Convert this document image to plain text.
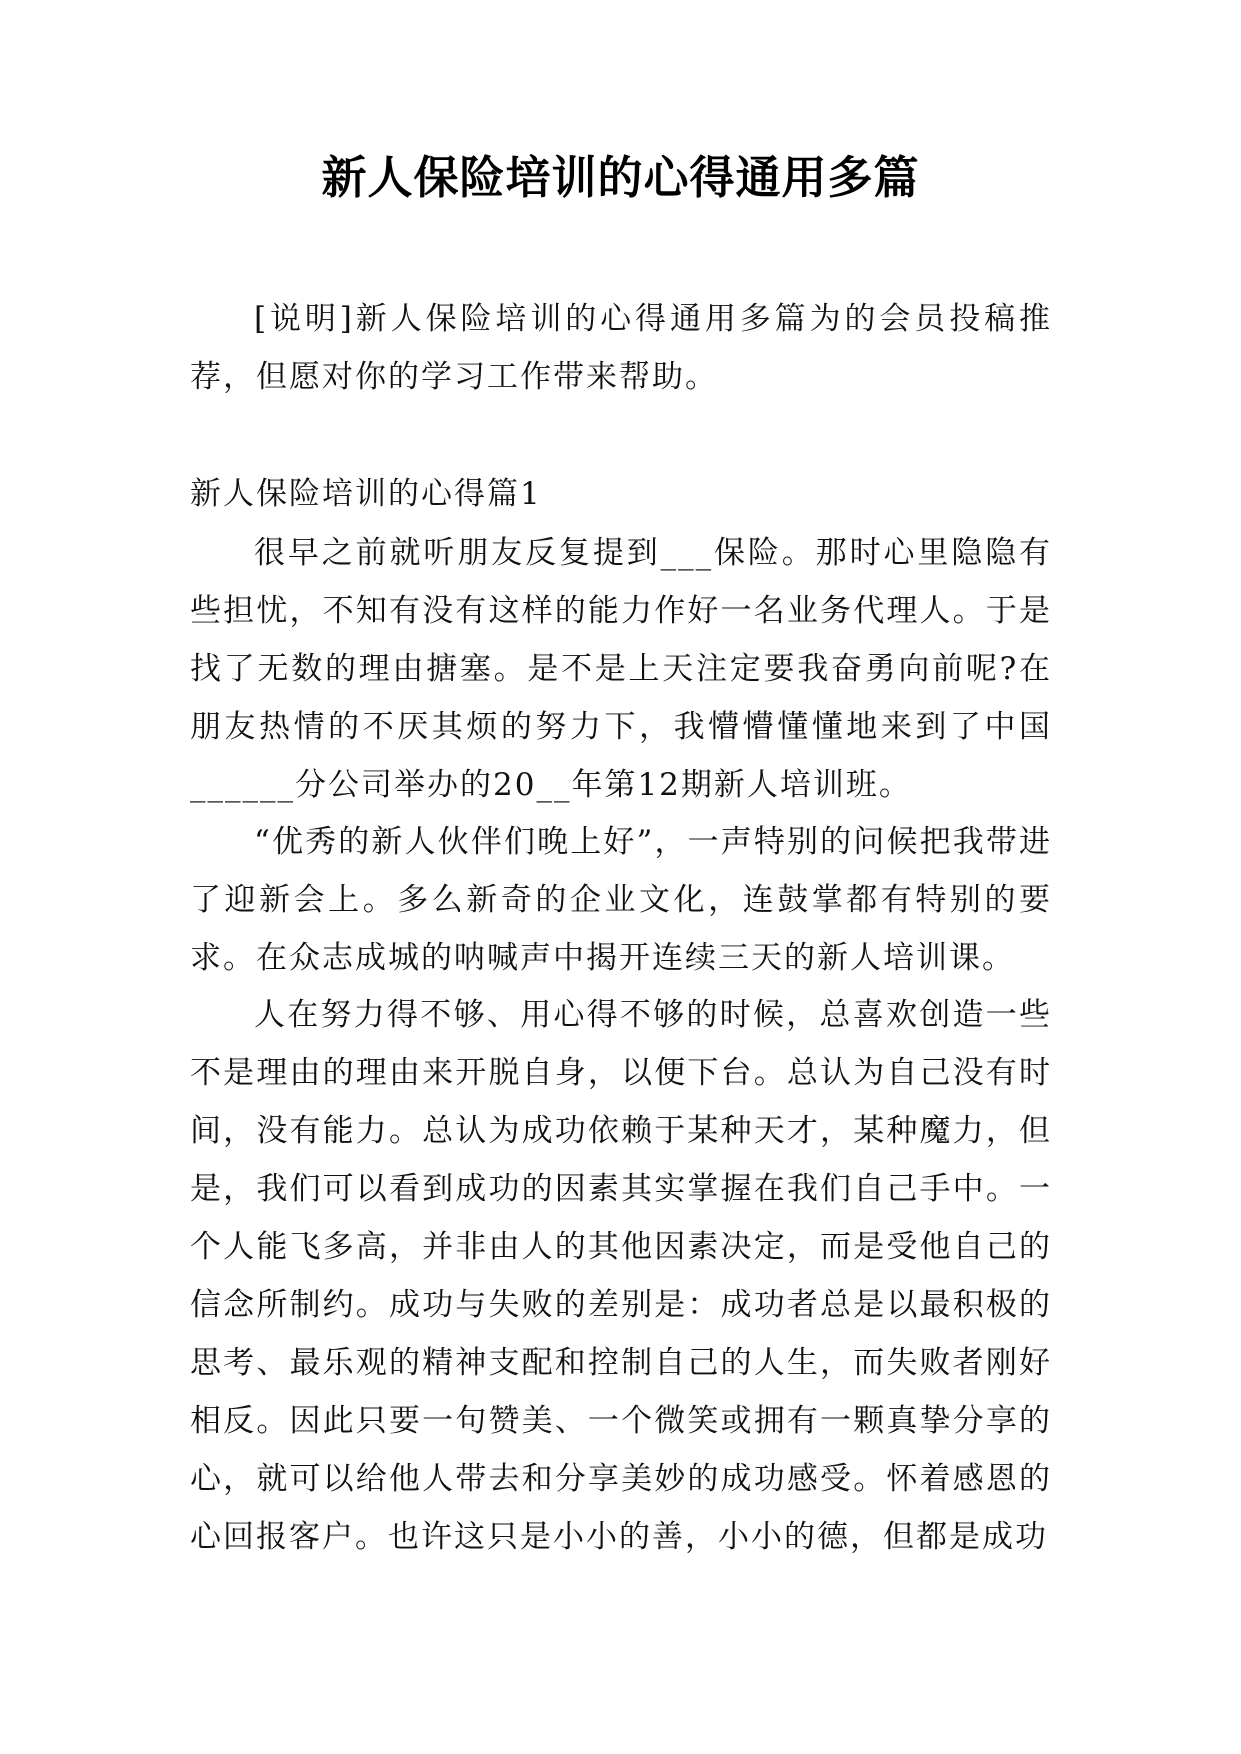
新人保险培训的心得通用多篇

[说明]新人保险培训的心得通用多篇为的会员投稿推荐，但愿对你的学习工作带来帮助。

新人保险培训的心得篇1

很早之前就听朋友反复提到___保险。那时心里隐隐有些担忧，不知有没有这样的能力作好一名业务代理人。于是找了无数的理由搪塞。是不是上天注定要我奋勇向前呢?在朋友热情的不厌其烦的努力下，我懵懵懂懂地来到了中国______分公司举办的20__年第12期新人培训班。

“优秀的新人伙伴们晚上好”，一声特别的问候把我带进了迎新会上。多么新奇的企业文化，连鼓掌都有特别的要求。在众志成城的呐喊声中揭开连续三天的新人培训课。

人在努力得不够、用心得不够的时候，总喜欢创造一些不是理由的理由来开脱自身，以便下台。总认为自己没有时间，没有能力。总认为成功依赖于某种天才，某种魔力，但是，我们可以看到成功的因素其实掌握在我们自己手中。一个人能飞多高，并非由人的其他因素决定，而是受他自己的信念所制约。成功与失败的差别是：成功者总是以最积极的思考、最乐观的精神支配和控制自己的人生，而失败者刚好相反。因此只要一句赞美、一个微笑或拥有一颗真挚分享的心，就可以给他人带去和分享美妙的成功感受。怀着感恩的心回报客户。也许这只是小小的善，小小的德，但都是成功
